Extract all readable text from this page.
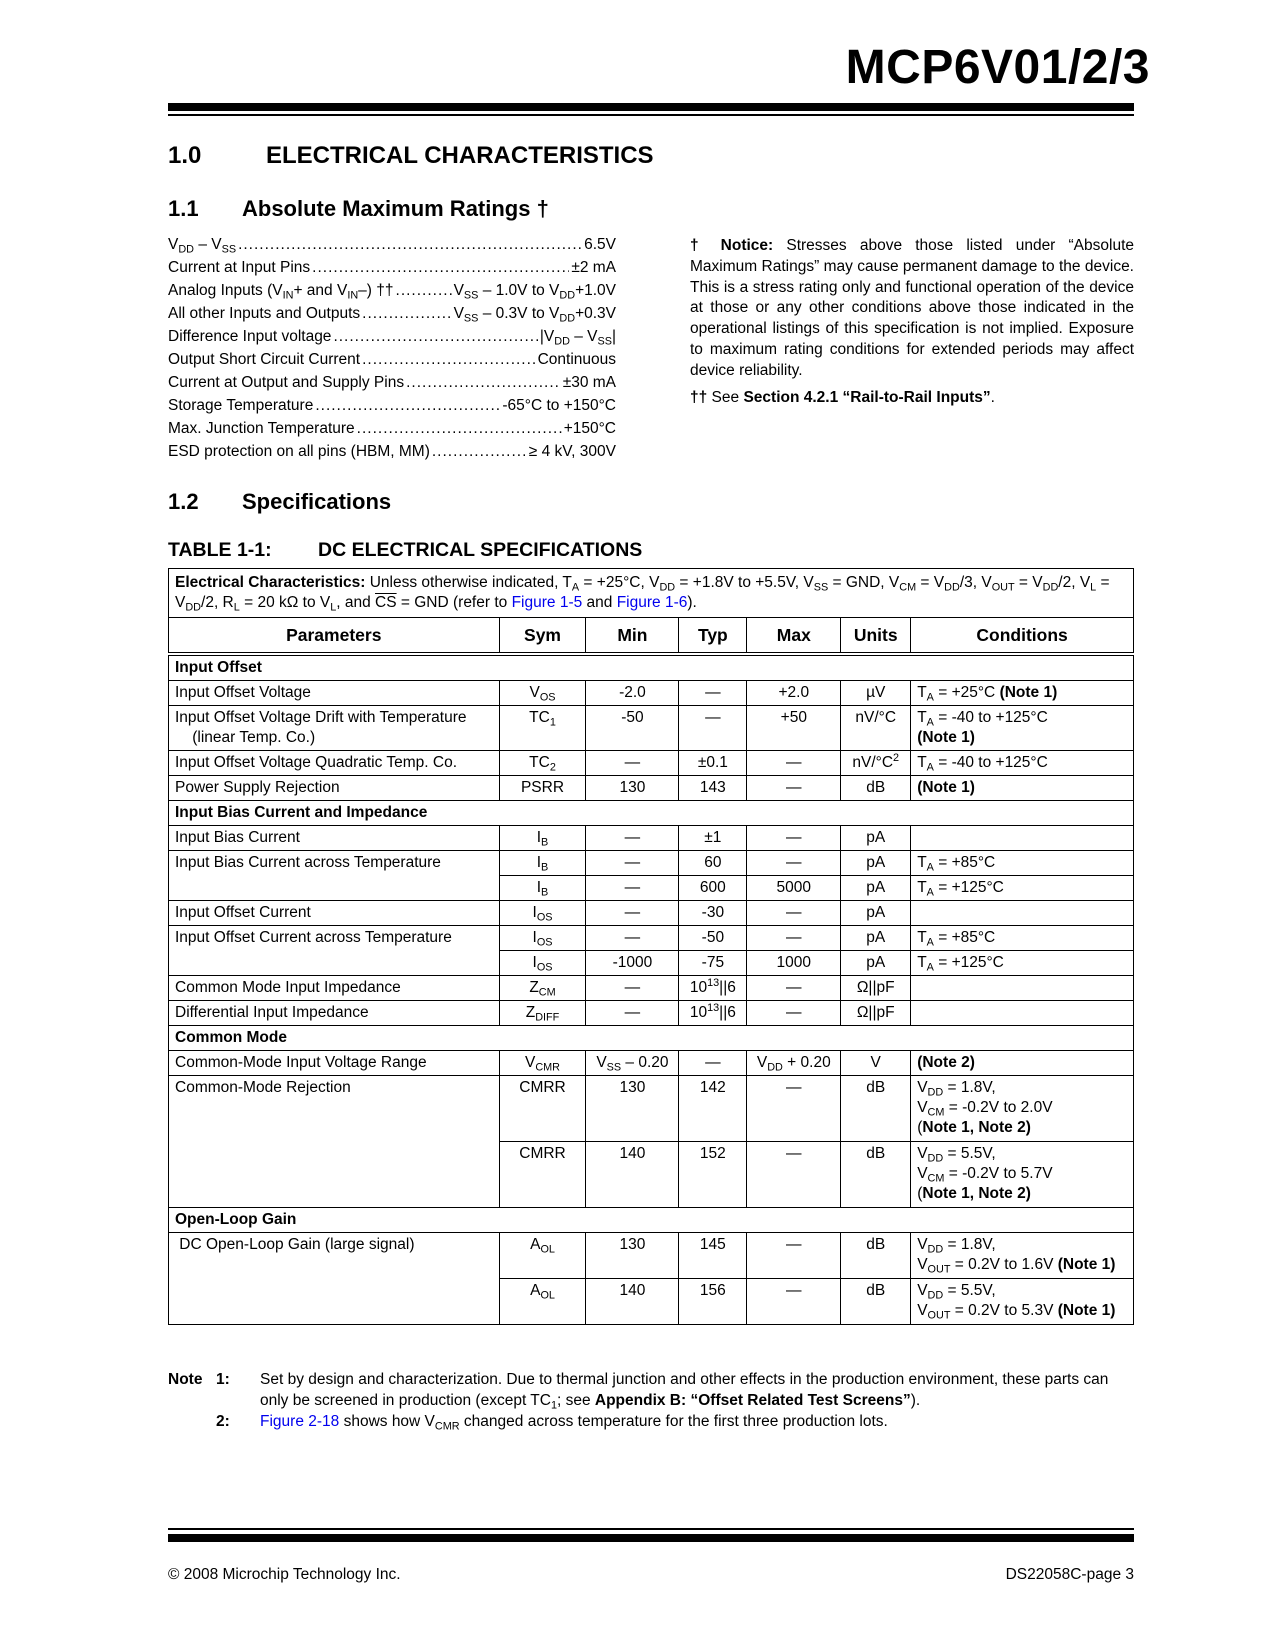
MCP6V01/2/3
1.0	ELECTRICAL CHARACTERISTICS
1.1 Absolute Maximum Ratings †
$V_{DD} - V_{SS}$ .....	6.5V
Current at Input Pins .....	±2 mA
Analog Inputs ($V_{IN}+$ and $V_{IN}-$) †† .....	$V_{SS} - 1.0V$ to $V_{DD}+1.0V$
All other Inputs and Outputs .....	$V_{SS} - 0.3V$ to $V_{DD}+0.3V$
Difference Input voltage .....	$|V_{DD} - V_{SS}|$
Output Short Circuit Current .....	Continuous
Current at Output and Supply Pins .....	±30 mA
Storage Temperature .....	-65°C to +150°C
Max. Junction Temperature .....	+150°C
ESD protection on all pins (HBM, MM) .....	≥ 4 kV, 300V

† Notice: Stresses above those listed under “Absolute Maximum Ratings” may cause permanent damage to the device. This is a stress rating only and functional operation of the device at those or any other conditions above those indicated in the operational listings of this specification is not implied. Exposure to maximum rating conditions for extended periods may affect device reliability.

†† See Section 4.2.1 “Rail-to-Rail Inputs”.

1.2 Specifications
TABLE 1-1: DC ELECTRICAL SPECIFICATIONS
Electrical Characteristics: Unless otherwise indicated, $T_A = +25^\circ C$, $V_{DD} = +1.8V$ to +5.5V, $V_{SS}$ = GND, $V_{CM} = V_{DD}/3$, $V_{OUT} = V_{DD}/2$, $V_L = V_{DD}/2$, $R_L = 20$ kΩ to $V_L$, and $\overline{CS}$ = GND (refer to Figure 1-5 and Figure 1-6).						
Parameters	Sym	Min	Typ	Max	Units	Conditions
Input Offset						
Input Offset Voltage	$V_{OS}$	-2.0	—	+2.0	µV	$T_A = +25^\circ C$ (Note 1)
Input Offset Voltage Drift with Temperature
(linear Temp. Co.)	$TC_1$	-50	—	+50	nV/°C	$T_A = -40$ to +125°C
(Note 1)
Input Offset Voltage Quadratic Temp. Co.	$TC_2$	—	±0.1	—	$nV/^\circ C^2$	$T_A = -40$ to +125°C
Power Supply Rejection	PSRR	130	143	—	dB	(Note 1)
Input Bias Current and Impedance						
Input Bias Current	$I_B$	—	±1	—	pA	
Input Bias Current across Temperature	$I_B$	—	60	—	pA	$T_A = +85^\circ C$
	$I_B$	—	600	5000	pA	$T_A = +125^\circ C$
Input Offset Current	$I_{OS}$	—	-30	—	pA	
Input Offset Current across Temperature	$I_{OS}$	—	-50	—	pA	$T_A = +85^\circ C$
	$I_{OS}$	-1000	-75	1000	pA	$T_A = +125^\circ C$
Common Mode Input Impedance	$Z_{CM}$	—	$10^{13}||6$	—	Ω||pF	
Differential Input Impedance	$Z_{DIFF}$	—	$10^{13}||6$	—	Ω||pF	
Common Mode						
Common-Mode Input Voltage Range	$V_{CMR}$	$V_{SS} - 0.20$	—	$V_{DD} + 0.20$	V	(Note 2)
Common-Mode Rejection	CMRR	130	142	—	dB	$V_{DD} = 1.8V$,
$V_{CM} = -0.2V$ to 2.0V
(Note 1, Note 2)
	CMRR	140	152	—	dB	$V_{DD} = 5.5V$,
$V_{CM} = -0.2V$ to 5.7V
(Note 1, Note 2)
Open-Loop Gain						
DC Open-Loop Gain (large signal)	$A_{OL}$	130	145	—	dB	$V_{DD} = 1.8V$,
$V_{OUT} = 0.2V$ to 1.6V (Note 1)
	$A_{OL}$	140	156	—	dB	$V_{DD} = 5.5V$,
$V_{OUT} = 0.2V$ to 5.3V (Note 1)
Note 1:	Set by design and characterization. Due to thermal junction and other effects in the production environment, these parts can only be screened in production (except $TC_1$; see Appendix B: “Offset Related Test Screens”).
2:	Figure 2-18 shows how $V_{CMR}$ changed across temperature for the first three production lots.
© 2008 Microchip Technology Inc.	DS22058C-page 3
